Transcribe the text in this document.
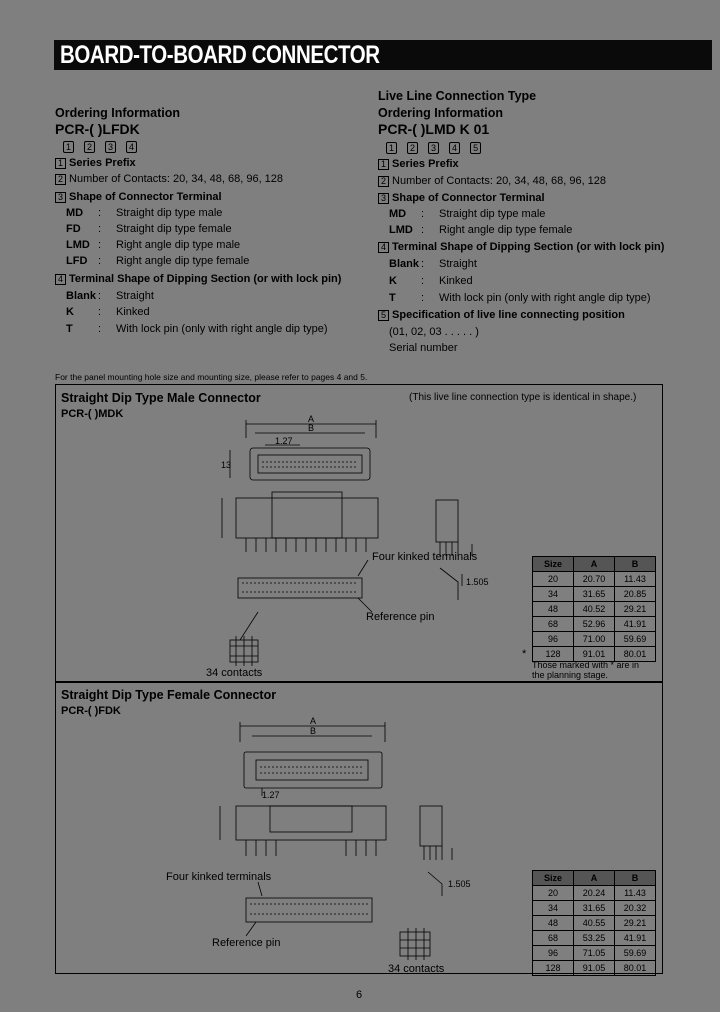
BOARD-TO-BOARD CONNECTOR
Ordering Information
PCR-( )LFDK
1 2 3 4
1 Series Prefix
2 Number of Contacts: 20, 34, 48, 68, 96, 128
3 Shape of Connector Terminal
MD : Straight dip type male
FD : Straight dip type female
LMD : Right angle dip type male
LFD : Right angle dip type female
4 Terminal Shape of Dipping Section (or with lock pin)
Blank : Straight
K : Kinked
T : With lock pin (only with right angle dip type)
Live Line Connection Type
Ordering Information
PCR-( )LMD K 01
1 2 3 4 5
1 Series Prefix
2 Number of Contacts: 20, 34, 48, 68, 96, 128
3 Shape of Connector Terminal
MD : Straight dip type male
LMD : Right angle dip type female
4 Terminal Shape of Dipping Section (or with lock pin)
Blank : Straight
K : Kinked
T : With lock pin (only with right angle dip type)
5 Specification of live line connecting position
(01, 02, 03 . . . . . )
Serial number
For the panel mounting hole size and mounting size, please refer to pages 4 and 5.
Straight Dip Type Male Connector
PCR-( )MDK
(This live line connection type is identical in shape.)
A
B
1.27
13
Four kinked terminals
1.505
Reference pin
34 contacts
Size	A	B
20	20.70	11.43
34	31.65	20.85
48	40.52	29.21
68	52.96	41.91
96	71.00	59.69
128	91.01	80.01
*
Those marked with * are in the planning stage.
Straight Dip Type Female Connector
PCR-( )FDK
A
B
1.27
Four kinked terminals
1.505
Reference pin
34 contacts
Size	A	B
20	20.24	11.43
34	31.65	20.32
48	40.55	29.21
68	53.25	41.91
96	71.05	59.69
128	91.05	80.01
6
